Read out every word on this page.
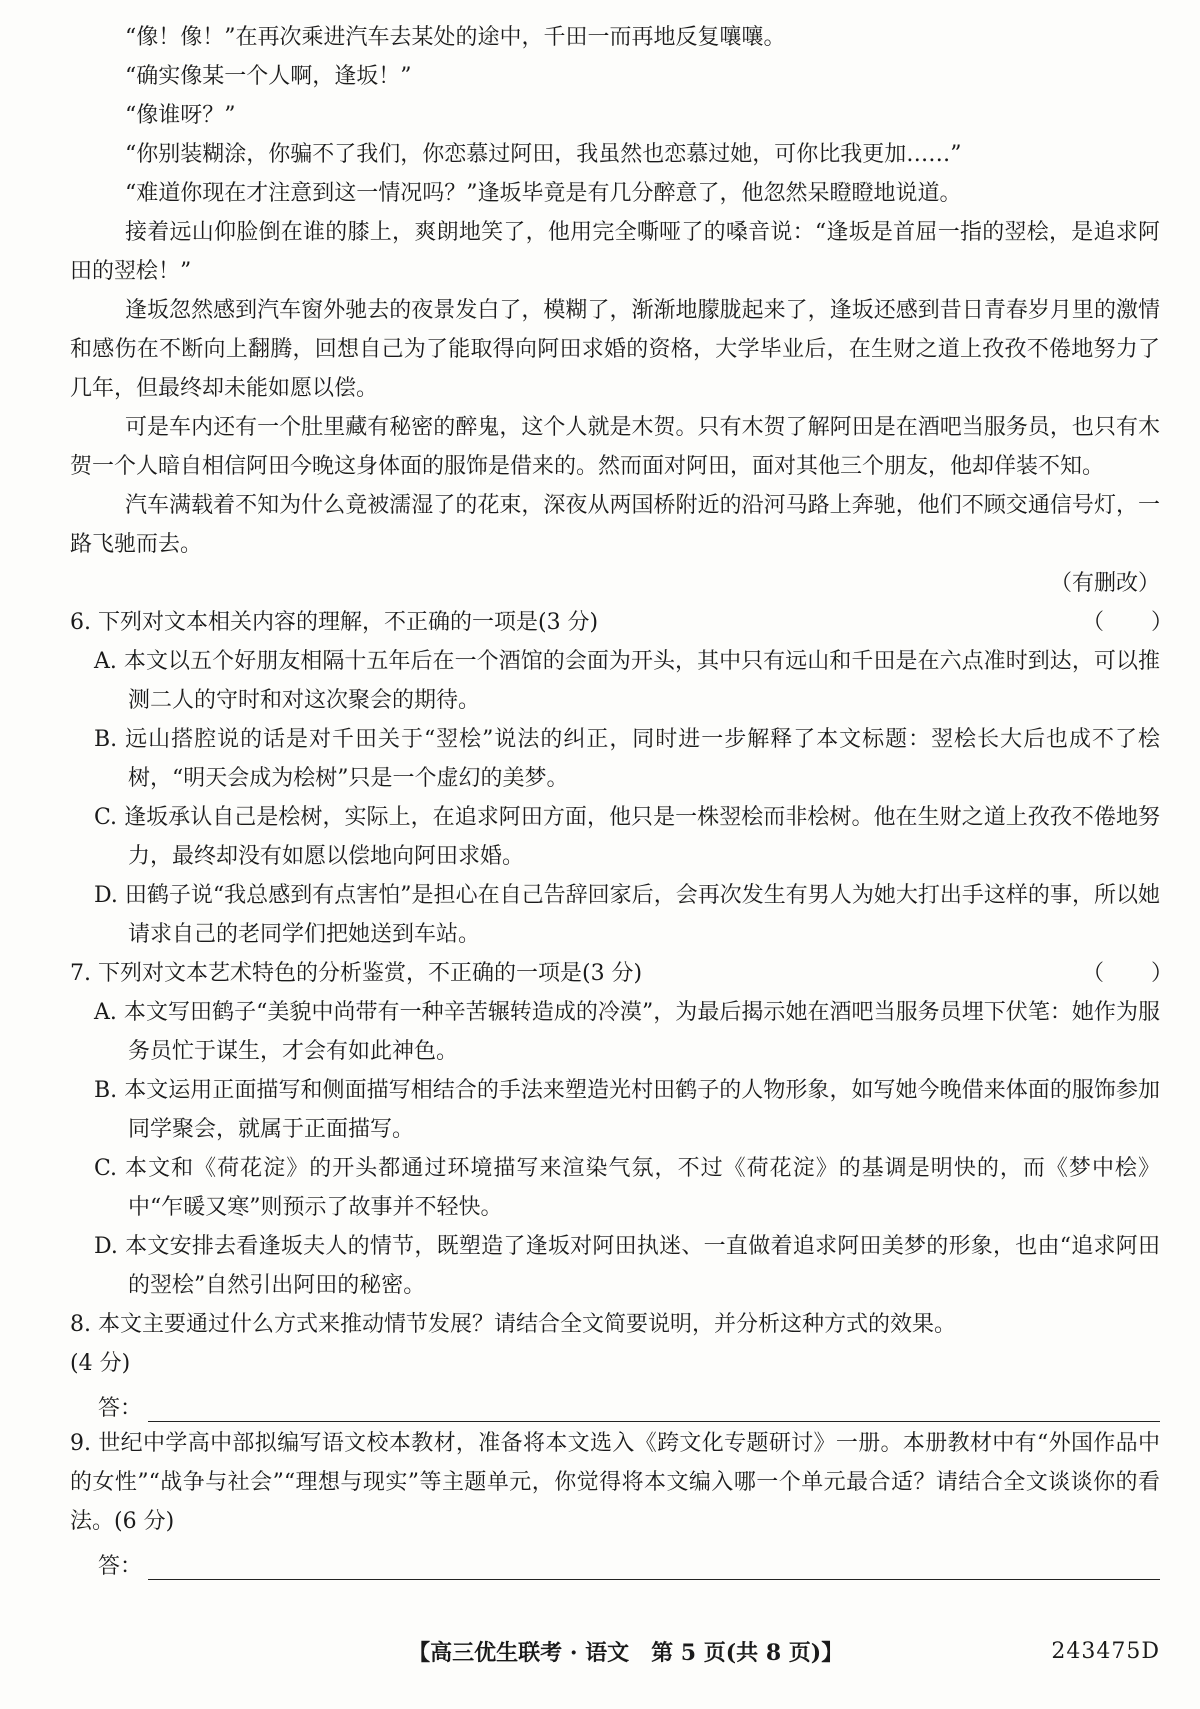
“像！像！”在再次乘进汽车去某处的途中，千田一而再地反复嚷嚷。

“确实像某一个人啊，逢坂！”

“像谁呀？”

“你别装糊涂，你骗不了我们，你恋慕过阿田，我虽然也恋慕过她，可你比我更加……”

“难道你现在才注意到这一情况吗？”逢坂毕竟是有几分醉意了，他忽然呆瞪瞪地说道。

接着远山仰脸倒在谁的膝上，爽朗地笑了，他用完全嘶哑了的嗓音说：“逢坂是首屈一指的翌桧，是追求阿田的翌桧！”

逢坂忽然感到汽车窗外驰去的夜景发白了，模糊了，渐渐地朦胧起来了，逢坂还感到昔日青春岁月里的激情和感伤在不断向上翻腾，回想自己为了能取得向阿田求婚的资格，大学毕业后，在生财之道上孜孜不倦地努力了几年，但最终却未能如愿以偿。

可是车内还有一个肚里藏有秘密的醉鬼，这个人就是木贺。只有木贺了解阿田是在酒吧当服务员，也只有木贺一个人暗自相信阿田今晚这身体面的服饰是借来的。然而面对阿田，面对其他三个朋友，他却佯装不知。

汽车满载着不知为什么竟被濡湿了的花束，深夜从两国桥附近的沿河马路上奔驰，他们不顾交通信号灯，一路飞驰而去。

（有删改）

6. 下列对文本相关内容的理解，不正确的一项是(3 分)	（　　）

A. 本文以五个好朋友相隔十五年后在一个酒馆的会面为开头，其中只有远山和千田是在六点准时到达，可以推测二人的守时和对这次聚会的期待。

B. 远山搭腔说的话是对千田关于“翌桧”说法的纠正，同时进一步解释了本文标题：翌桧长大后也成不了桧树，“明天会成为桧树”只是一个虚幻的美梦。

C. 逢坂承认自己是桧树，实际上，在追求阿田方面，他只是一株翌桧而非桧树。他在生财之道上孜孜不倦地努力，最终却没有如愿以偿地向阿田求婚。

D. 田鹤子说“我总感到有点害怕”是担心在自己告辞回家后，会再次发生有男人为她大打出手这样的事，所以她请求自己的老同学们把她送到车站。

7. 下列对文本艺术特色的分析鉴赏，不正确的一项是(3 分)	（　　）

A. 本文写田鹤子“美貌中尚带有一种辛苦辗转造成的冷漠”，为最后揭示她在酒吧当服务员埋下伏笔：她作为服务员忙于谋生，才会有如此神色。

B. 本文运用正面描写和侧面描写相结合的手法来塑造光村田鹤子的人物形象，如写她今晚借来体面的服饰参加同学聚会，就属于正面描写。

C. 本文和《荷花淀》的开头都通过环境描写来渲染气氛，不过《荷花淀》的基调是明快的，而《梦中桧》中“乍暖又寒”则预示了故事并不轻快。

D. 本文安排去看逢坂夫人的情节，既塑造了逢坂对阿田执迷、一直做着追求阿田美梦的形象，也由“追求阿田的翌桧”自然引出阿田的秘密。

8. 本文主要通过什么方式来推动情节发展？请结合全文简要说明，并分析这种方式的效果。

(4 分)

答：

9. 世纪中学高中部拟编写语文校本教材，准备将本文选入《跨文化专题研讨》一册。本册教材中有“外国作品中的女性”“战争与社会”“理想与现实”等主题单元，你觉得将本文编入哪一个单元最合适？请结合全文谈谈你的看法。(6 分)

答：
【高三优生联考 · 语文　第 5 页(共 8 页)】	243475D
